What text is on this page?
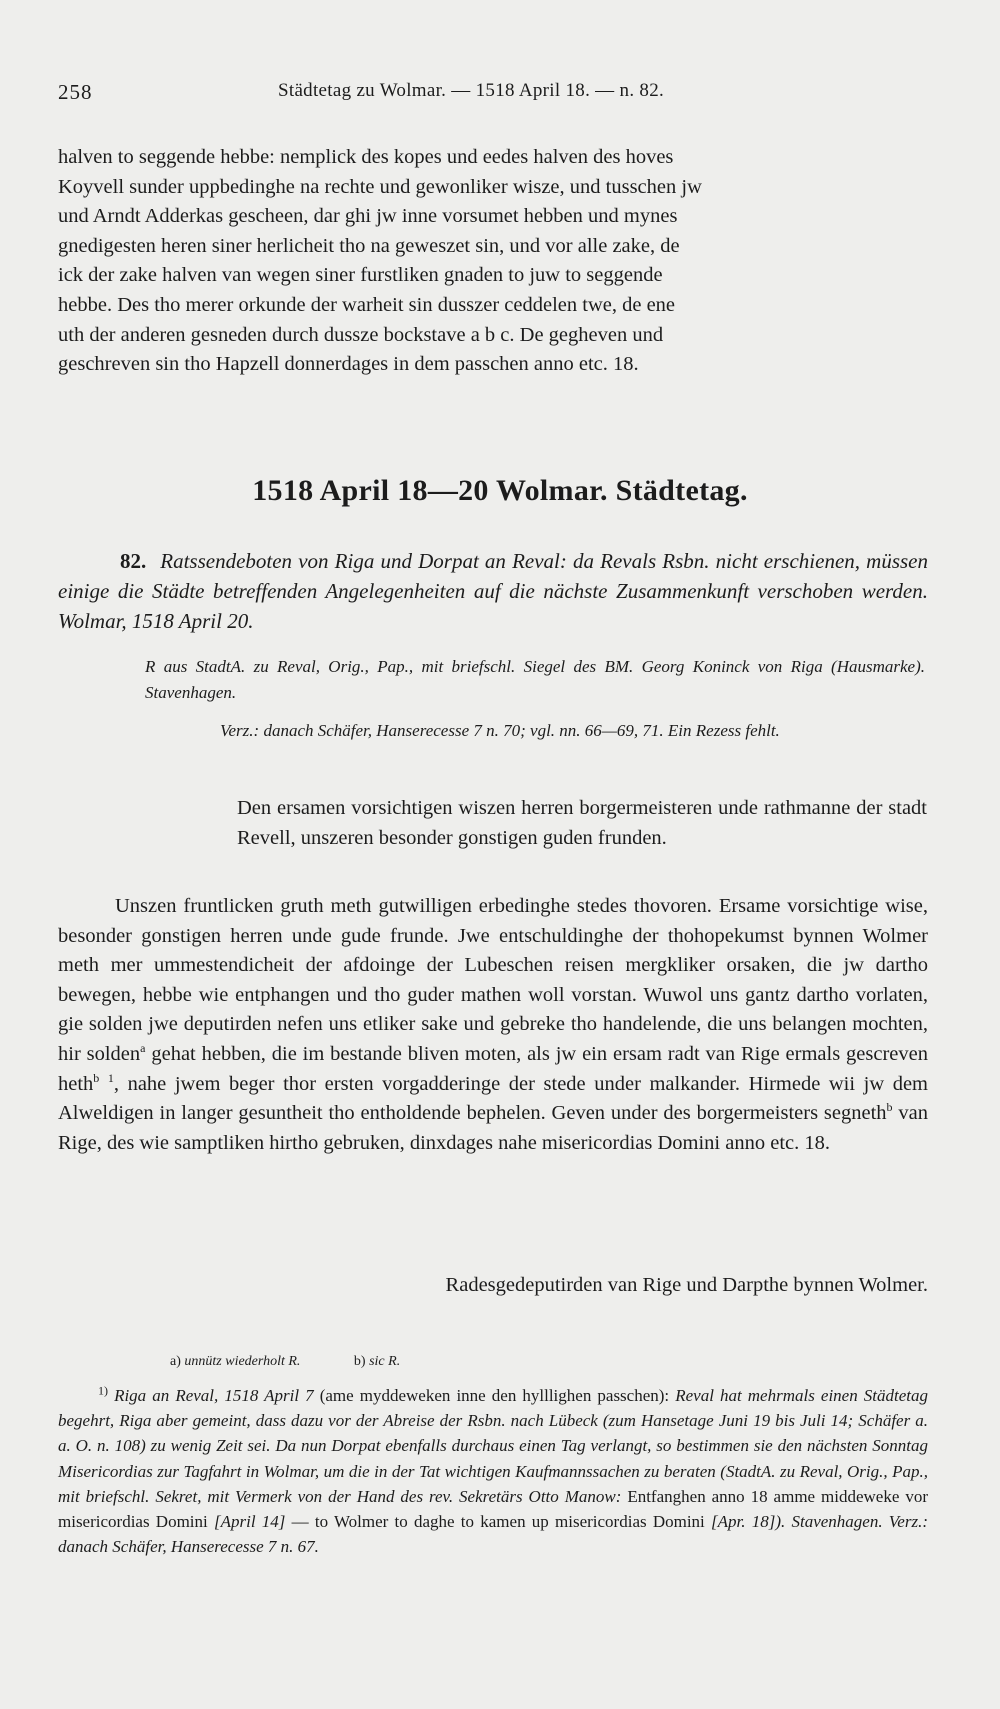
258	Städtetag zu Wolmar. — 1518 April 18. — n. 82.
halven to seggende hebbe: nemplick des kopes und eedes halven des hoves
Koyvell sunder uppbedinghe na rechte und gewonliker wisze, und tusschen jw
und Arndt Adderkas gescheen, dar ghi jw inne vorsumet hebben und mynes
gnedigesten heren siner herlicheit tho na geweszet sin, und vor alle zake, de
ick der zake halven van wegen siner furstliken gnaden to juw to seggende
hebbe. Des tho merer orkunde der warheit sin dusszer ceddelen twe, de ene
uth der anderen gesneden durch dussze bockstave a b c. De gegheven und
geschreven sin tho Hapzell donnerdages in dem passchen anno etc. 18.
1518 April 18—20 Wolmar. Städtetag.
82. Ratssendeboten von Riga und Dorpat an Reval: da Revals Rsbn. nicht erschienen, müssen einige die Städte betreffenden Angelegenheiten auf die nächste Zusammenkunft verschoben werden. Wolmar, 1518 April 20.
R aus StadtA. zu Reval, Orig., Pap., mit briefschl. Siegel des BM. Georg Koninck von Riga (Hausmarke). Stavenhagen.
Verz.: danach Schäfer, Hanserecesse 7 n. 70; vgl. nn. 66—69, 71. Ein Rezess fehlt.
Den ersamen vorsichtigen wiszen herren borgermeisteren unde rathmanne der stadt Revell, unszeren besonder gonstigen guden frunden.
Unszen fruntlicken gruth meth gutwilligen erbedinghe stedes thovoren. Ersame vorsichtige wise, besonder gonstigen herren unde gude frunde. Jwe entschuldinghe der thohopekumst bynnen Wolmer meth mer ummestendicheit der afdoinge der Lubeschen reisen mergkliker orsaken, die jw dartho bewegen, hebbe wie entphangen und tho guder mathen woll vorstan. Wuwol uns gantz dartho vorlaten, gie solden jwe deputirden nefen uns etliker sake und gebreke tho handelende, die uns belangen mochten, hir solden$^a$ gehat hebben, die im bestande bliven moten, als jw ein ersam radt van Rige ermals gescreven heth$^b$ $^1$, nahe jwem beger thor ersten vorgadderinge der stede under malkander. Hirmede wii jw dem Alweldigen in langer gesuntheit tho entholdende bephelen. Geven under des borgermeisters segneth$^b$ van Rige, des wie samptliken hirtho gebruken, dinxdages nahe misericordias Domini anno etc. 18.
Radesgedeputirden van Rige und Darpthe bynnen Wolmer.
a) unnütz wiederholt R.	b) sic R.
$^{1)}$ Riga an Reval, 1518 April 7 (ame myddeweken inne den hylllighen passchen): Reval hat mehrmals einen Städtetag begehrt, Riga aber gemeint, dass dazu vor der Abreise der Rsbn. nach Lübeck (zum Hansetage Juni 19 bis Juli 14; Schäfer a. a. O. n. 108) zu wenig Zeit sei. Da nun Dorpat ebenfalls durchaus einen Tag verlangt, so bestimmen sie den nächsten Sonntag Misericordias zur Tagfahrt in Wolmar, um die in der Tat wichtigen Kaufmannssachen zu beraten (StadtA. zu Reval, Orig., Pap., mit briefschl. Sekret, mit Vermerk von der Hand des rev. Sekretärs Otto Manow: Entfanghen anno 18 amme middeweke vor misericordias Domini [April 14] — to Wolmer to daghe to kamen up misericordias Domini [Apr. 18]). Stavenhagen. Verz.: danach Schäfer, Hanserecesse 7 n. 67.
